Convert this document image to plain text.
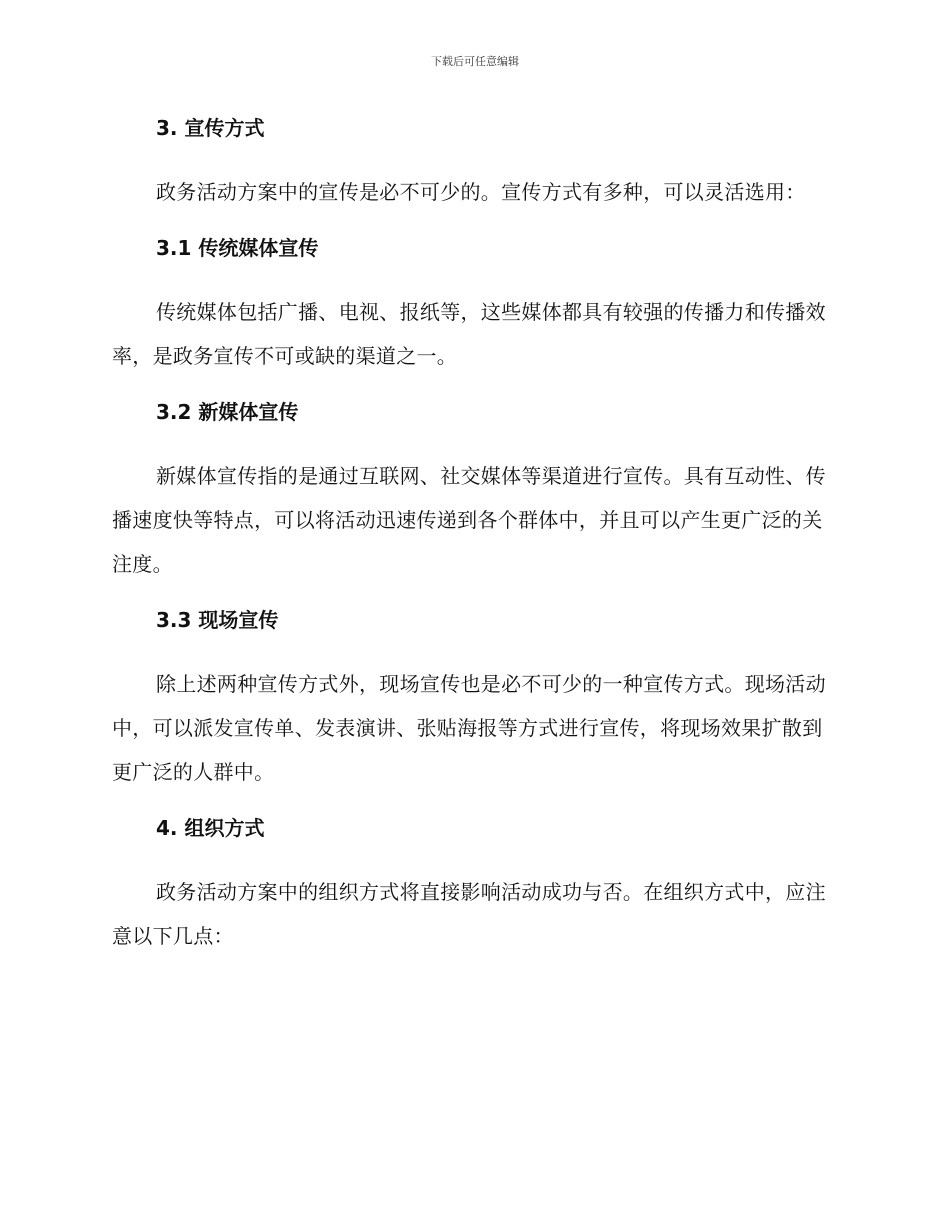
下载后可任意编辑
3. 宣传方式

政务活动方案中的宣传是必不可少的。宣传方式有多种，可以灵活选用：

3.1 传统媒体宣传

传统媒体包括广播、电视、报纸等，这些媒体都具有较强的传播力和传播效率，是政务宣传不可或缺的渠道之一。

3.2 新媒体宣传

新媒体宣传指的是通过互联网、社交媒体等渠道进行宣传。具有互动性、传播速度快等特点，可以将活动迅速传递到各个群体中，并且可以产生更广泛的关注度。

3.3 现场宣传

除上述两种宣传方式外，现场宣传也是必不可少的一种宣传方式。现场活动中，可以派发宣传单、发表演讲、张贴海报等方式进行宣传，将现场效果扩散到更广泛的人群中。

4. 组织方式

政务活动方案中的组织方式将直接影响活动成功与否。在组织方式中，应注意以下几点：
